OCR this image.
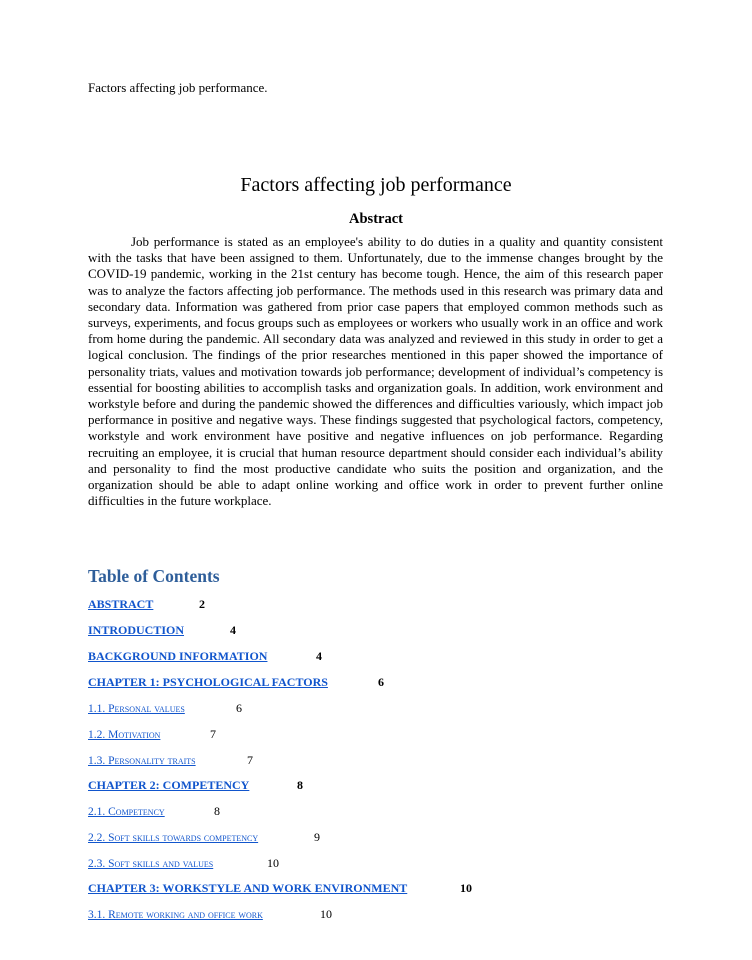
Factors affecting job performance.
Factors affecting job performance
Abstract

Job performance is stated as an employee's ability to do duties in a quality and quantity consistent with the tasks that have been assigned to them. Unfortunately, due to the immense changes brought by the COVID-19 pandemic, working in the 21st century has become tough. Hence, the aim of this research paper was to analyze the factors affecting job performance. The methods used in this research was primary data and secondary data. Information was gathered from prior case papers that employed common methods such as surveys, experiments, and focus groups such as employees or workers who usually work in an office and work from home during the pandemic. All secondary data was analyzed and reviewed in this study in order to get a logical conclusion. The findings of the prior researches mentioned in this paper showed the importance of personality triats, values and motivation towards job performance; development of individual’s competency is essential for boosting abilities to accomplish tasks and organization goals. In addition, work environment and workstyle before and during the pandemic showed the differences and difficulties variously, which impact job performance in positive and negative ways. These findings suggested that psychological factors, competency, workstyle and work environment have positive and negative influences on job performance. Regarding recruiting an employee, it is crucial that human resource department should consider each individual’s ability and personality to find the most productive candidate who suits the position and organization, and the organization should be able to adapt online working and office work in order to prevent further online difficulties in the future workplace.

Table of Contents
ABSTRACT	2
INTRODUCTION	4
BACKGROUND INFORMATION	4
CHAPTER 1: PSYCHOLOGICAL FACTORS	6
1.1. Personal values	6
1.2. Motivation	7
1.3. Personality traits	7
CHAPTER 2: COMPETENCY	8
2.1. Competency	8
2.2. Soft skills towards competency	9
2.3. Soft skills and values	10
CHAPTER 3: WORKSTYLE AND WORK ENVIRONMENT	10
3.1. Remote working and office work	10
